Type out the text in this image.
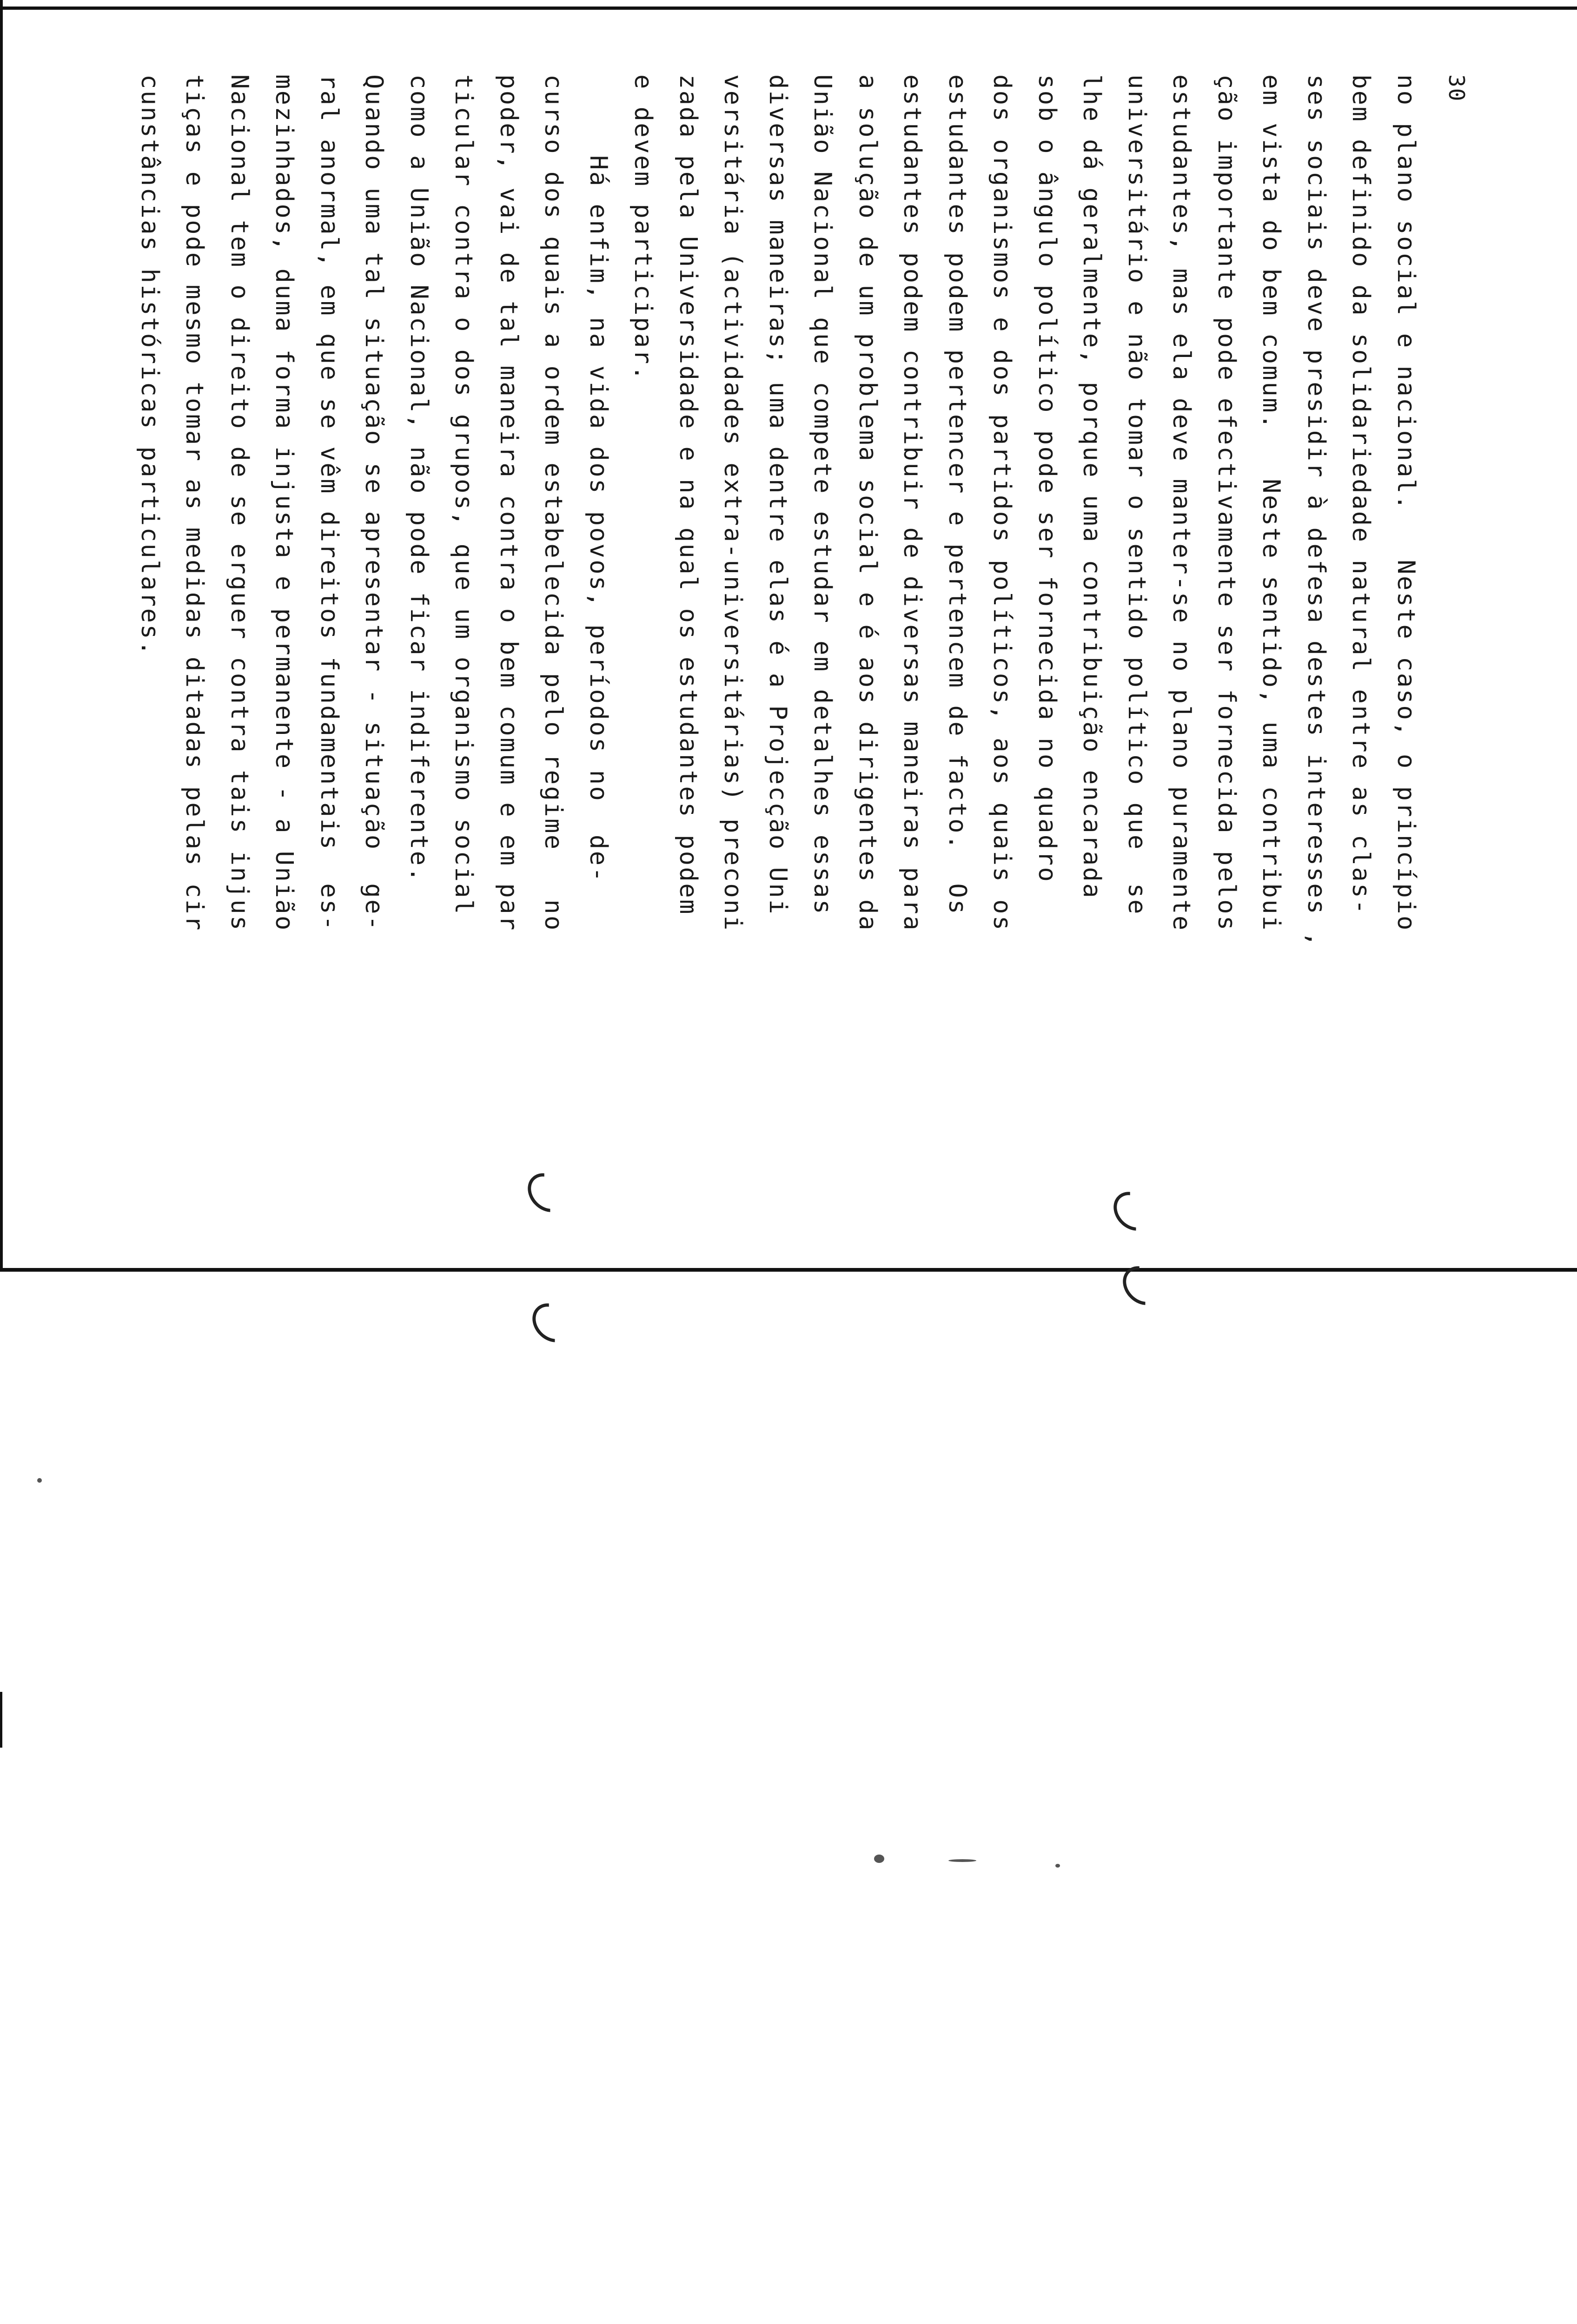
30
no plano social e nacional.   Neste caso, o princípio
bem definido da solidariedade natural entre as clas-
ses sociais deve presidir à defesa destes interesses ,
em vista do bem comum.   Neste sentido, uma contribui
ção importante pode efectivamente ser fornecida pelos
estudantes, mas ela deve manter-se no plano puramente
universitário e não tomar o sentido político que  se
lhe dá geralmente, porque uma contribuição encarada
sob o ângulo político pode ser fornecida no quadro
dos organismos e dos partidos políticos, aos quais os
estudantes podem pertencer e pertencem de facto.  Os
estudantes podem contribuir de diversas maneiras para
a solução de um problema social e é aos dirigentes da
União Nacional que compete estudar em detalhes essas
diversas maneiras; uma dentre elas é a Projecção Uni
versitária (actividades extra-universitárias) preconi
zada pela Universidade e na qual os estudantes podem
e devem participar.
Há enfim, na vida dos povos, períodos no  de-
curso dos quais a ordem estabelecida pelo regime   no
poder, vai de tal maneira contra o bem comum e em par
ticular contra o dos grupos, que um organismo social
como a União Nacional, não pode ficar indiferente.
Quando uma tal situação se apresentar - situação  ge-
ral anormal, em que se vêm direitos fundamentais  es-
mezinhados, duma forma injusta e permanente - a União
Nacional tem o direito de se erguer contra tais injus
tiças e pode mesmo tomar as medidas ditadas pelas cir
cunstâncias históricas particulares.
